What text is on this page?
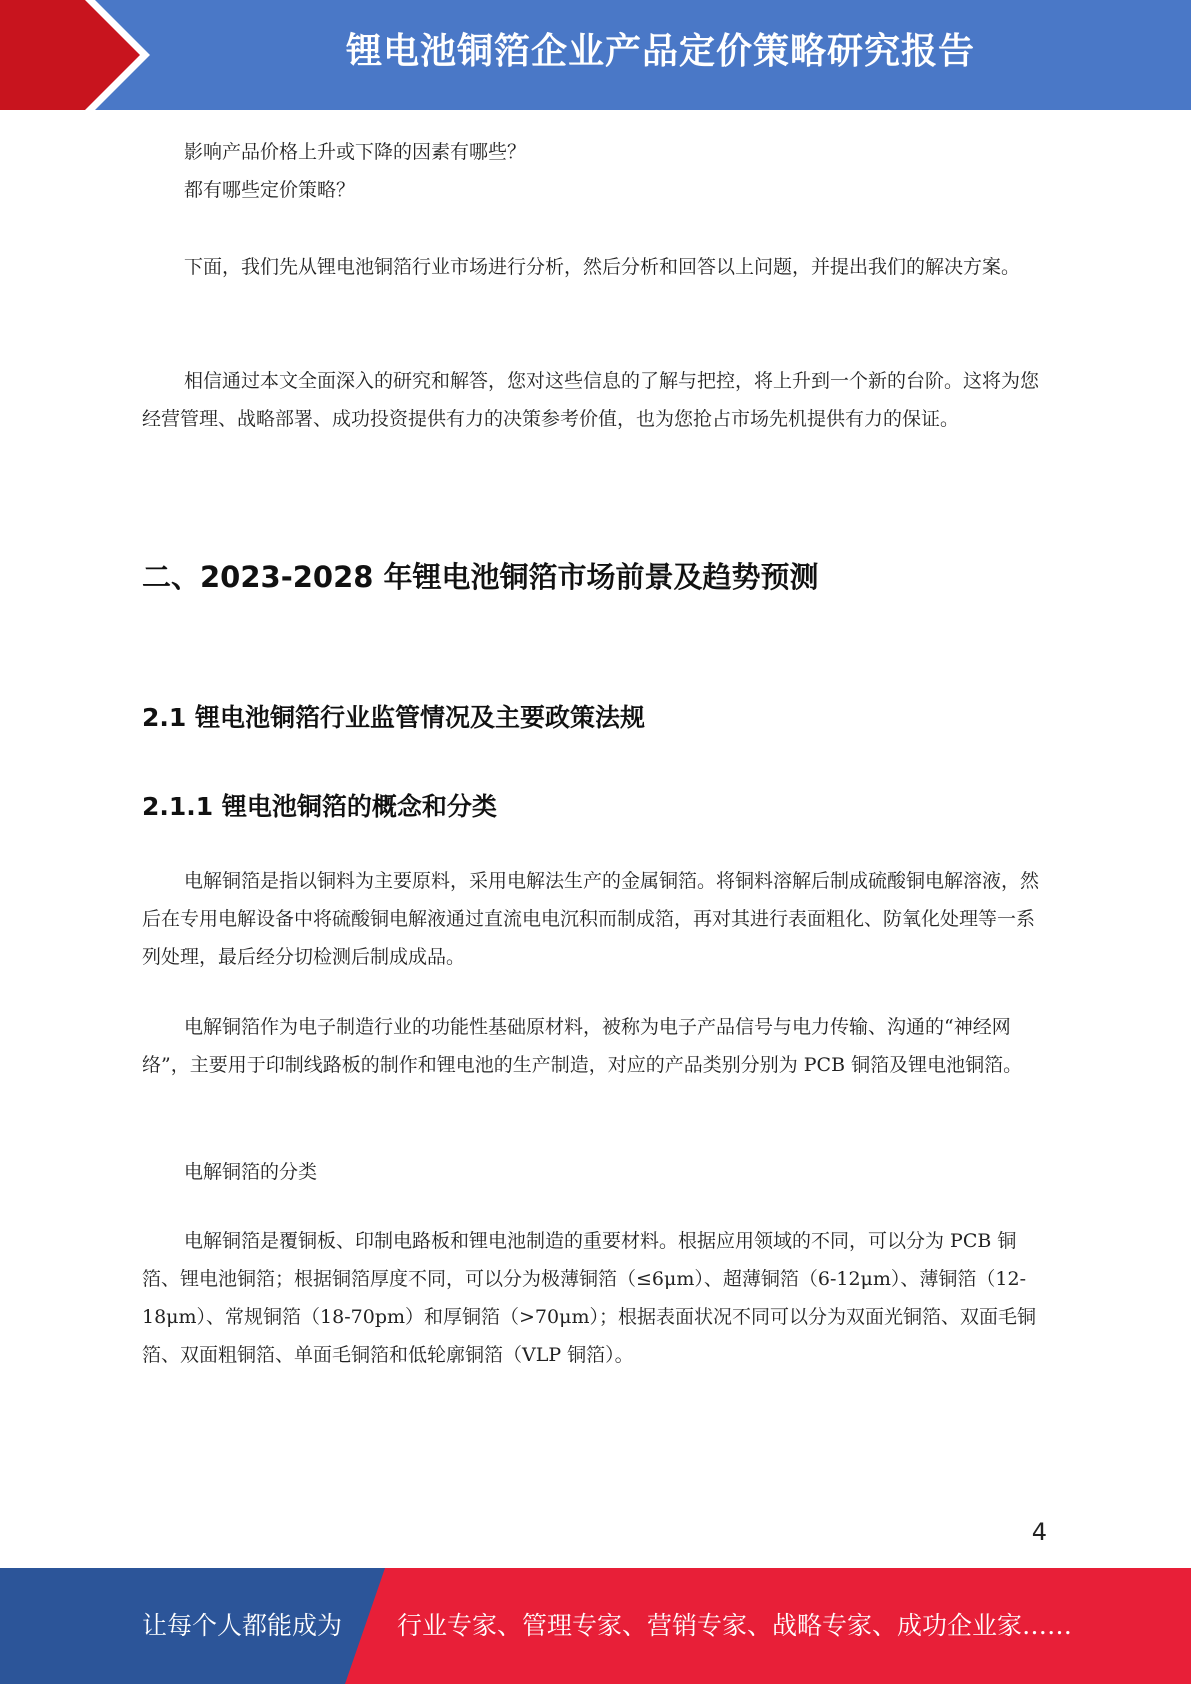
锂电池铜箔企业产品定价策略研究报告

影响产品价格上升或下降的因素有哪些？

都有哪些定价策略？

下面，我们先从锂电池铜箔行业市场进行分析，然后分析和回答以上问题，并提出我们的解决方案。

相信通过本文全面深入的研究和解答，您对这些信息的了解与把控，将上升到一个新的台阶。这将为您经营管理、战略部署、成功投资提供有力的决策参考价值，也为您抢占市场先机提供有力的保证。

二、2023-2028 年锂电池铜箔市场前景及趋势预测
2.1 锂电池铜箔行业监管情况及主要政策法规
2.1.1 锂电池铜箔的概念和分类

电解铜箔是指以铜料为主要原料，采用电解法生产的金属铜箔。将铜料溶解后制成硫酸铜电解溶液，然后在专用电解设备中将硫酸铜电解液通过直流电电沉积而制成箔，再对其进行表面粗化、防氧化处理等一系列处理，最后经分切检测后制成成品。

电解铜箔作为电子制造行业的功能性基础原材料，被称为电子产品信号与电力传输、沟通的“神经网络”，主要用于印制线路板的制作和锂电池的生产制造，对应的产品类别分别为 PCB 铜箔及锂电池铜箔。

电解铜箔的分类

电解铜箔是覆铜板、印制电路板和锂电池制造的重要材料。根据应用领域的不同，可以分为 PCB 铜箔、锂电池铜箔；根据铜箔厚度不同，可以分为极薄铜箔（≤6μm）、超薄铜箔（6-12μm）、薄铜箔（12-18μm）、常规铜箔（18-70pm）和厚铜箔（>70μm）；根据表面状况不同可以分为双面光铜箔、双面毛铜箔、双面粗铜箔、单面毛铜箔和低轮廓铜箔（VLP 铜箔）。

4
让每个人都能成为 行业专家、管理专家、营销专家、战略专家、成功企业家……
